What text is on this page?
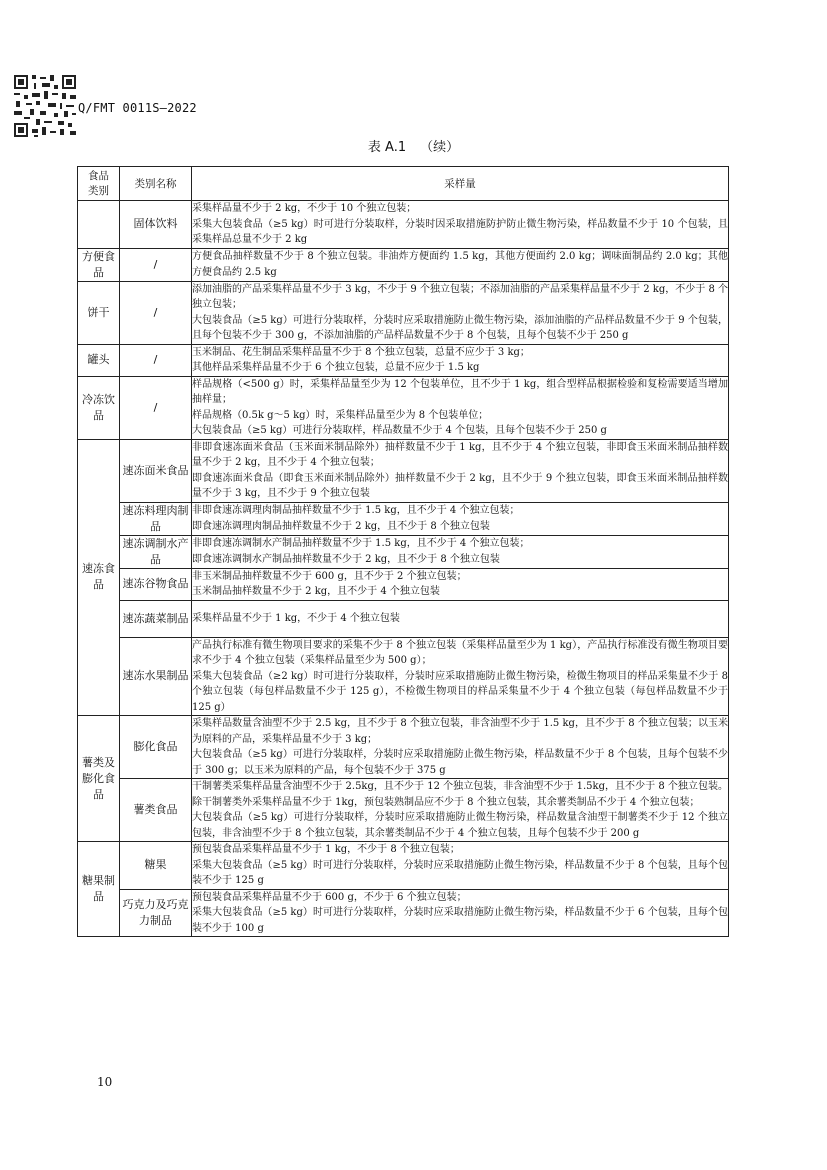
Q/FMT 0011S—2022
表 A.1 （续）
食品类别	类别名称	采样量
	固体饮料	采集样品量不少于 2 kg，不少于 10 个独立包装；
采集大包装食品（≥5 kg）时可进行分装取样，分装时因采取措施防护防止微生物污染，样品数量不少于 10 个包装，且采集样品总量不少于 2 kg

方便食品	/	方便食品抽样数量不少于 8 个独立包装。非油炸方便面约 1.5 kg，其他方便面约 2.0 kg；调味面制品约 2.0 kg；其他方便食品约 2.5 kg

饼干	/	添加油脂的产品采集样品量不少于 3 kg，不少于 9 个独立包装；不添加油脂的产品采集样品量不少于 2 kg，不少于 8 个独立包装；
大包装食品（≥5 kg）可进行分装取样，分装时应采取措施防止微生物污染，添加油脂的产品样品数量不少于 9 个包装，且每个包装不少于 300 g，不添加油脂的产品样品数量不少于 8 个包装，且每个包装不少于 250 g

罐头	/	玉米制品、花生制品采集样品量不少于 8 个独立包装，总量不应少于 3 kg；
其他样品采集样品量不少于 6 个独立包装，总量不应少于 1.5 kg

冷冻饮品	/	样品规格（<500 g）时，采集样品量至少为 12 个包装单位，且不少于 1 kg，组合型样品根据检验和复检需要适当增加抽样量；
样品规格（0.5k g～5 kg）时，采集样品量至少为 8 个包装单位；
大包装食品（≥5 kg）可进行分装取样，样品数量不少于 4 个包装，且每个包装不少于 250 g

速冻食品	速冻面米食品	非即食速冻面米食品（玉米面米制品除外）抽样数量不少于 1 kg，且不少于 4 个独立包装，非即食玉米面米制品抽样数量不少于 2 kg，且不少于 4 个独立包装；
即食速冻面米食品（即食玉米面米制品除外）抽样数量不少于 2 kg，且不少于 9 个独立包装，即食玉米面米制品抽样数量不少于 3 kg，且不少于 9 个独立包装

	速冻料理肉制品	非即食速冻调理肉制品抽样数量不少于 1.5 kg，且不少于 4 个独立包装；
即食速冻调理肉制品抽样数量不少于 2 kg，且不少于 8 个独立包装

	速冻调制水产品	非即食速冻调制水产制品抽样数量不少于 1.5 kg，且不少于 4 个独立包装；
即食速冻调制水产制品抽样数量不少于 2 kg，且不少于 8 个独立包装

	速冻谷物食品	非玉米制品抽样数量不少于 600 g，且不少于 2 个独立包装；
玉米制品抽样数量不少于 2 kg，且不少于 4 个独立包装

	速冻蔬菜制品	采集样品量不少于 1 kg，不少于 4 个独立包装

	速冻水果制品	产品执行标准有微生物项目要求的采集不少于 8 个独立包装（采集样品量至少为 1 kg），产品执行标准没有微生物项目要求不少于 4 个独立包装（采集样品量至少为 500 g）；
采集大包装食品（≥2 kg）时可进行分装取样，分装时应采取措施防止微生物污染，检微生物项目的样品采集量不少于 8 个独立包装（每包样品数量不少于 125 g），不检微生物项目的样品采集量不少于 4 个独立包装（每包样品数量不少于 125 g）

薯类及膨化食品	膨化食品	采集样品数量含油型不少于 2.5 kg，且不少于 8 个独立包装，非含油型不少于 1.5 kg，且不少于 8 个独立包装；以玉米为原料的产品，采集样品量不少于 3 kg；
大包装食品（≥5 kg）可进行分装取样，分装时应采取措施防止微生物污染，样品数量不少于 8 个包装，且每个包装不少于 300 g；以玉米为原料的产品，每个包装不少于 375 g

	薯类食品	干制薯类采集样品量含油型不少于 2.5kg，且不少于 12 个独立包装，非含油型不少于 1.5kg，且不少于 8 个独立包装。除干制薯类外采集样品量不少于 1kg，预包装熟制品应不少于 8 个独立包装，其余薯类制品不少于 4 个独立包装；
大包装食品（≥5 kg）可进行分装取样，分装时应采取措施防止微生物污染，样品数量含油型干制薯类不少于 12 个独立包装，非含油型不少于 8 个独立包装，其余薯类制品不少于 4 个独立包装，且每个包装不少于 200 g

糖果制品	糖果	预包装食品采集样品量不少于 1 kg，不少于 8 个独立包装；
采集大包装食品（≥5 kg）时可进行分装取样，分装时应采取措施防止微生物污染，样品数量不少于 8 个包装，且每个包装不少于 125 g

	巧克力及巧克力制品	预包装食品采集样品量不少于 600 g，不少于 6 个独立包装；
采集大包装食品（≥5 kg）时可进行分装取样，分装时应采取措施防止微生物污染，样品数量不少于 6 个包装，且每个包装不少于 100 g
10
